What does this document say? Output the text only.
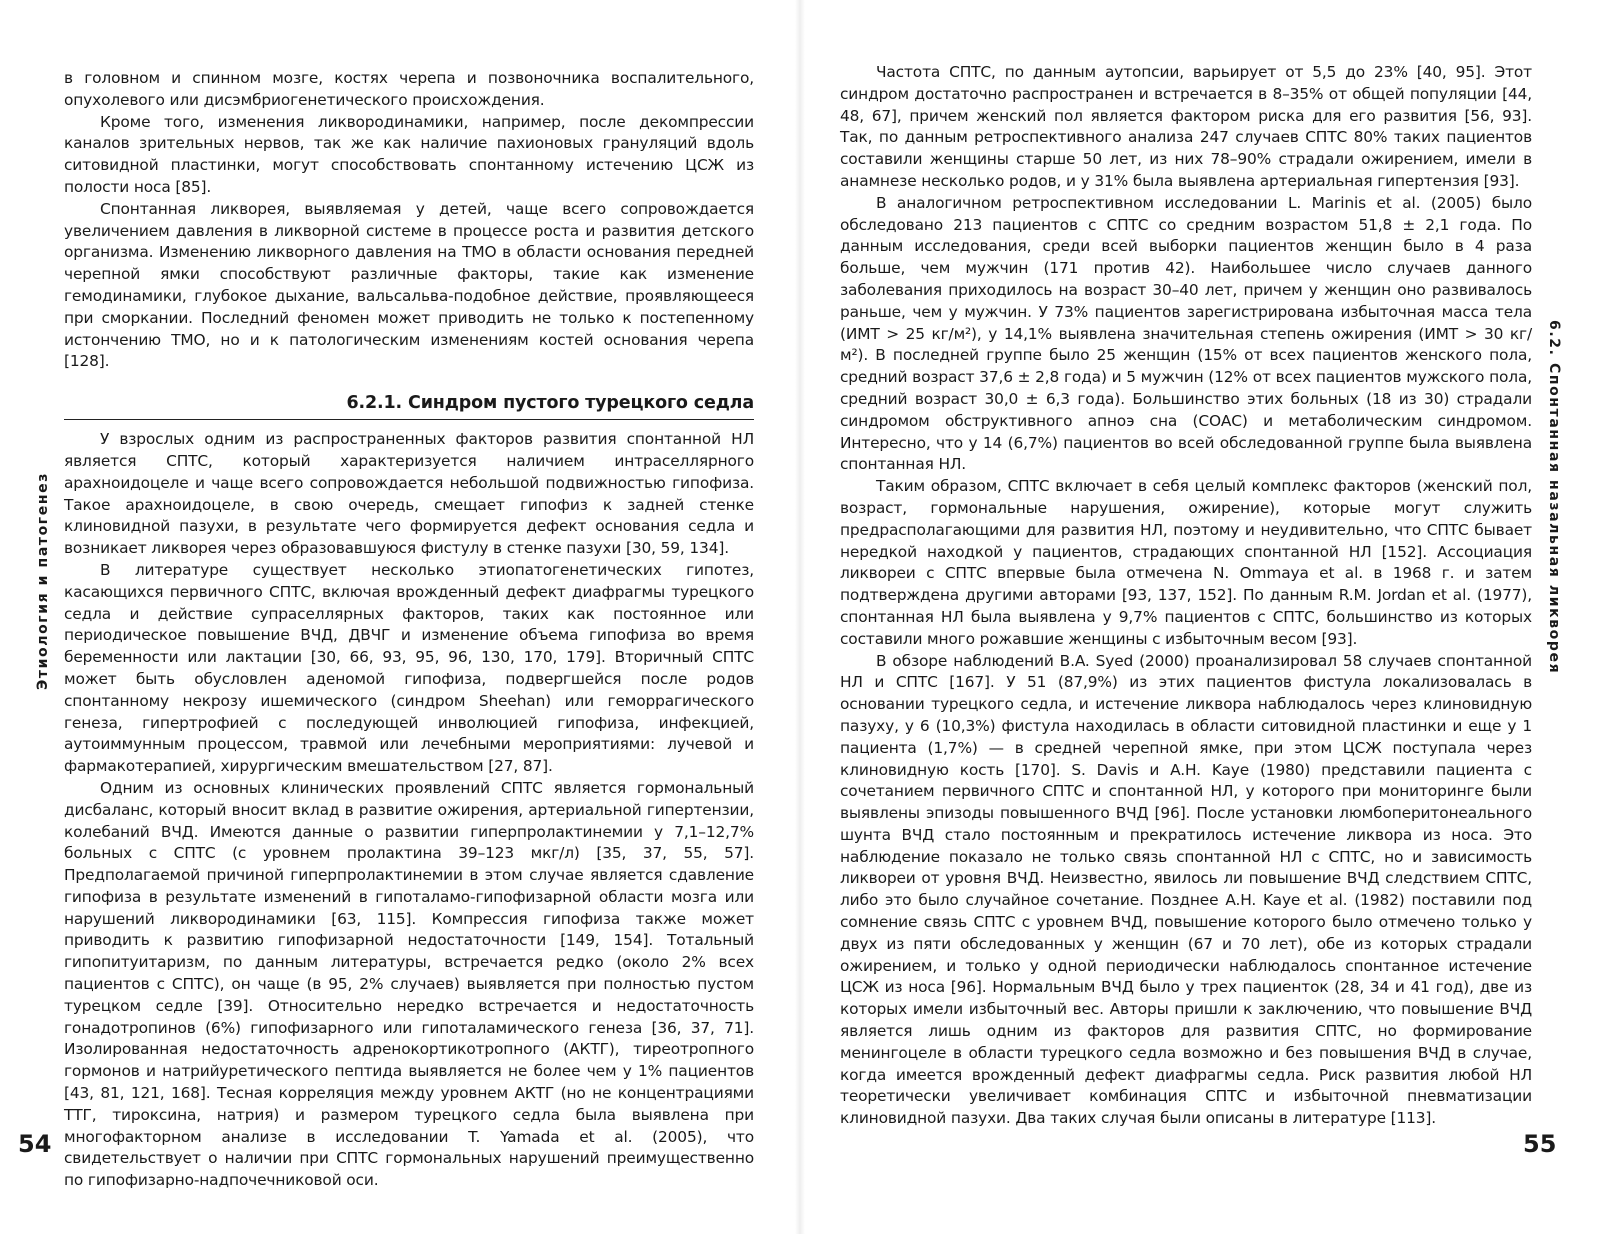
в головном и спинном мозге, костях черепа и позвоночника воспалительного, опухолевого или дисэмбриогенетического происхождения.

Кроме того, изменения ликвородинамики, например, после декомпрессии каналов зрительных нервов, так же как наличие пахионовых грануляций вдоль ситовидной пластинки, могут способствовать спонтанному истечению ЦСЖ из полости носа [85].

Спонтанная ликворея, выявляемая у детей, чаще всего сопровождается увеличением давления в ликворной системе в процессе роста и развития детского организма. Изменению ликворного давления на ТМО в области основания передней черепной ямки способствуют различные факторы, такие как изменение гемодинамики, глубокое дыхание, вальсальва-подобное действие, проявляющееся при сморкании. Последний феномен может приводить не только к постепенному истончению ТМО, но и к патологическим изменениям костей основания черепа [128].

6.2.1. Синдром пустого турецкого седла

У взрослых одним из распространенных факторов развития спонтанной НЛ является СПТС, который характеризуется наличием интраселлярного арахноидоцеле и чаще всего сопровождается небольшой подвижностью гипофиза. Такое арахноидоцеле, в свою очередь, смещает гипофиз к задней стенке клиновидной пазухи, в результате чего формируется дефект основания седла и возникает ликворея через образовавшуюся фистулу в стенке пазухи [30, 59, 134].

В литературе существует несколько этиопатогенетических гипотез, касающихся первичного СПТС, включая врожденный дефект диафрагмы турецкого седла и действие супраселлярных факторов, таких как постоянное или периодическое повышение ВЧД, ДВЧГ и изменение объема гипофиза во время беременности или лактации [30, 66, 93, 95, 96, 130, 170, 179]. Вторичный СПТС может быть обусловлен аденомой гипофиза, подвергшейся после родов спонтанному некрозу ишемического (синдром Sheehan) или геморрагического генеза, гипертрофией с последующей инволюцией гипофиза, инфекцией, аутоиммунным процессом, травмой или лечебными мероприятиями: лучевой и фармакотерапией, хирургическим вмешательством [27, 87].

Одним из основных клинических проявлений СПТС является гормональный дисбаланс, который вносит вклад в развитие ожирения, артериальной гипертензии, колебаний ВЧД. Имеются данные о развитии гиперпролактинемии у 7,1–12,7% больных с СПТС (с уровнем пролактина 39–123 мкг/л) [35, 37, 55, 57]. Предполагаемой причиной гиперпролактинемии в этом случае является сдавление гипофиза в результате изменений в гипоталамо-гипофизарной области мозга или нарушений ликвородинамики [63, 115]. Компрессия гипофиза также может приводить к развитию гипофизарной недостаточности [149, 154]. Тотальный гипопитуитаризм, по данным литературы, встречается редко (около 2% всех пациентов с СПТС), он чаще (в 95, 2% случаев) выявляется при полностью пустом турецком седле [39]. Относительно нередко встречается и недостаточность гонадотропинов (6%) гипофизарного или гипоталамического генеза [36, 37, 71]. Изолированная недостаточность адренокортикотропного (АКТГ), тиреотропного гормонов и натрийуретического пептида выявляется не более чем у 1% пациентов [43, 81, 121, 168]. Тесная корреляция между уровнем АКТГ (но не концентрациями ТТГ, тироксина, натрия) и размером турецкого седла была выявлена при многофакторном анализе в исследовании T. Yamada et al. (2005), что свидетельствует о наличии при СПТС гормональных нарушений преимущественно по гипофизарно-надпочечниковой оси.

Этиология и патогенез
54

Частота СПТС, по данным аутопсии, варьирует от 5,5 до 23% [40, 95]. Этот синдром достаточно распространен и встречается в 8–35% от общей популяции [44, 48, 67], причем женский пол является фактором риска для его развития [56, 93]. Так, по данным ретроспективного анализа 247 случаев СПТС 80% таких пациентов составили женщины старше 50 лет, из них 78–90% страдали ожирением, имели в анамнезе несколько родов, и у 31% была выявлена артериальная гипертензия [93].

В аналогичном ретроспективном исследовании L. Marinis et al. (2005) было обследовано 213 пациентов с СПТС со средним возрастом 51,8 ± 2,1 года. По данным исследования, среди всей выборки пациентов женщин было в 4 раза больше, чем мужчин (171 против 42). Наибольшее число случаев данного заболевания приходилось на возраст 30–40 лет, причем у женщин оно развивалось раньше, чем у мужчин. У 73% пациентов зарегистрирована избыточная масса тела (ИМТ > 25 кг/м²), у 14,1% выявлена значительная степень ожирения (ИМТ > 30 кг/м²). В последней группе было 25 женщин (15% от всех пациентов женского пола, средний возраст 37,6 ± 2,8 года) и 5 мужчин (12% от всех пациентов мужского пола, средний возраст 30,0 ± 6,3 года). Большинство этих больных (18 из 30) страдали синдромом обструктивного апноэ сна (СОАС) и метаболическим синдромом. Интересно, что у 14 (6,7%) пациентов во всей обследованной группе была выявлена спонтанная НЛ.

Таким образом, СПТС включает в себя целый комплекс факторов (женский пол, возраст, гормональные нарушения, ожирение), которые могут служить предрасполагающими для развития НЛ, поэтому и неудивительно, что СПТС бывает нередкой находкой у пациентов, страдающих спонтанной НЛ [152]. Ассоциация ликвореи с СПТС впервые была отмечена N. Ommaya et al. в 1968 г. и затем подтверждена другими авторами [93, 137, 152]. По данным R.M. Jordan et al. (1977), спонтанная НЛ была выявлена у 9,7% пациентов с СПТС, большинство из которых составили много рожавшие женщины с избыточным весом [93].

В обзоре наблюдений B.A. Syed (2000) проанализировал 58 случаев спонтанной НЛ и СПТС [167]. У 51 (87,9%) из этих пациентов фистула локализовалась в основании турецкого седла, и истечение ликвора наблюдалось через клиновидную пазуху, у 6 (10,3%) фистула находилась в области ситовидной пластинки и еще у 1 пациента (1,7%) — в средней черепной ямке, при этом ЦСЖ поступала через клиновидную кость [170]. S. Davis и A.H. Kaye (1980) представили пациента с сочетанием первичного СПТС и спонтанной НЛ, у которого при мониторинге были выявлены эпизоды повышенного ВЧД [96]. После установки люмбоперитонеального шунта ВЧД стало постоянным и прекратилось истечение ликвора из носа. Это наблюдение показало не только связь спонтанной НЛ с СПТС, но и зависимость ликвореи от уровня ВЧД. Неизвестно, явилось ли повышение ВЧД следствием СПТС, либо это было случайное сочетание. Позднее A.H. Kaye et al. (1982) поставили под сомнение связь СПТС с уровнем ВЧД, повышение которого было отмечено только у двух из пяти обследованных у женщин (67 и 70 лет), обе из которых страдали ожирением, и только у одной периодически наблюдалось спонтанное истечение ЦСЖ из носа [96]. Нормальным ВЧД было у трех пациенток (28, 34 и 41 год), две из которых имели избыточный вес. Авторы пришли к заключению, что повышение ВЧД является лишь одним из факторов для развития СПТС, но формирование менингоцеле в области турецкого седла возможно и без повышения ВЧД в случае, когда имеется врожденный дефект диафрагмы седла. Риск развития любой НЛ теоретически увеличивает комбинация СПТС и избыточной пневматизации клиновидной пазухи. Два таких случая были описаны в литературе [113].

6.2. Спонтанная назальная ликворея
55
